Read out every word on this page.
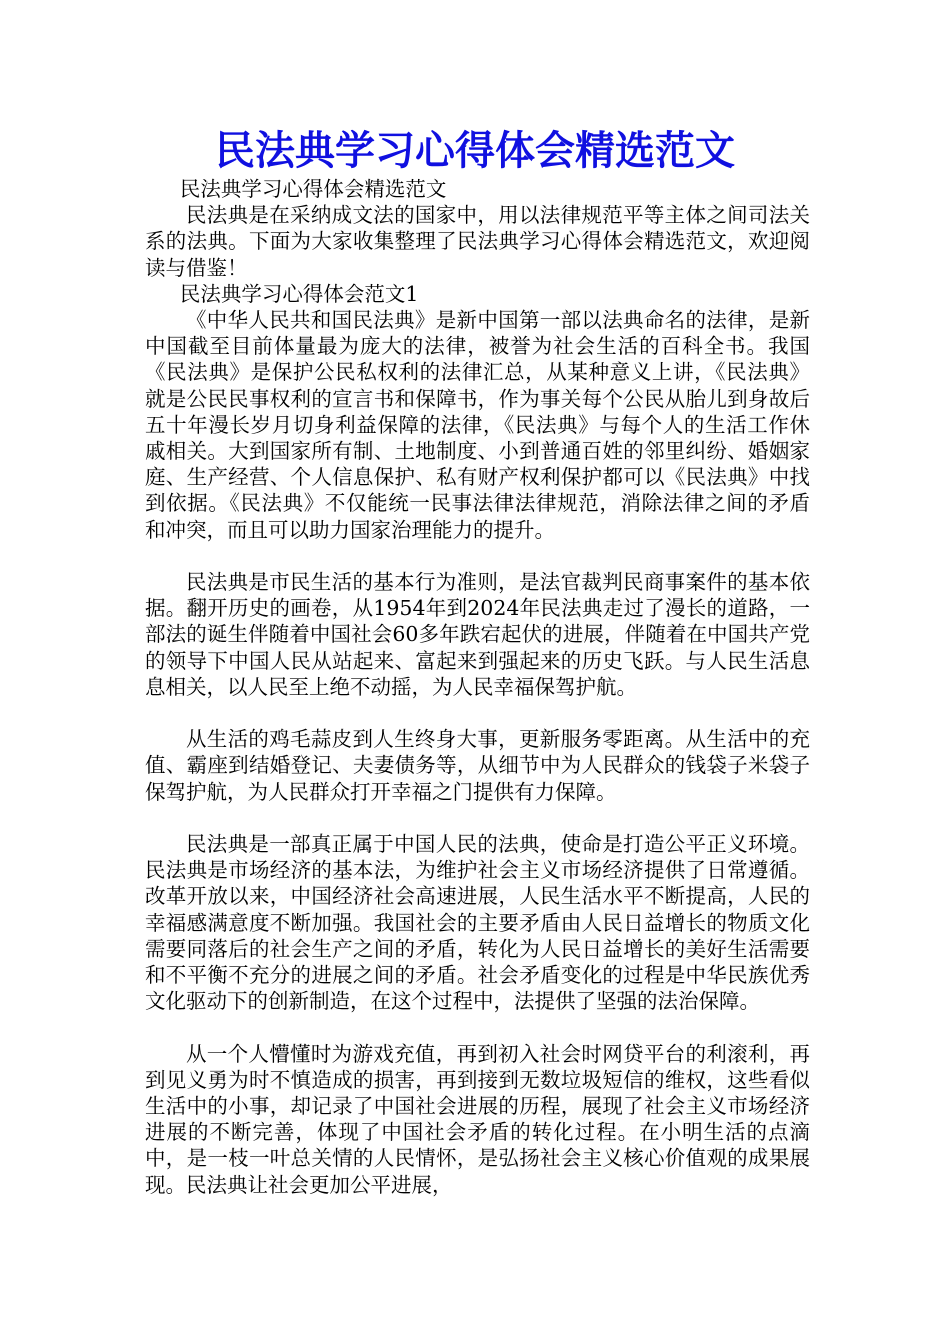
民法典学习心得体会精选范文

民法典学习心得体会精选范文

民法典是在采纳成文法的国家中，用以法律规范平等主体之间司法关系的法典。下面为大家收集整理了民法典学习心得体会精选范文，欢迎阅读与借鉴！

民法典学习心得体会范文1

《中华人民共和国民法典》是新中国第一部以法典命名的法律，是新中国截至目前体量最为庞大的法律，被誉为社会生活的百科全书。我国《民法典》是保护公民私权利的法律汇总，从某种意义上讲，《民法典》就是公民民事权利的宣言书和保障书，作为事关每个公民从胎儿到身故后五十年漫长岁月切身利益保障的法律，《民法典》与每个人的生活工作休戚相关。大到国家所有制、土地制度、小到普通百姓的邻里纠纷、婚姻家庭、生产经营、个人信息保护、私有财产权利保护都可以《民法典》中找到依据。《民法典》不仅能统一民事法律法律规范，消除法律之间的矛盾和冲突，而且可以助力国家治理能力的提升。

民法典是市民生活的基本行为准则，是法官裁判民商事案件的基本依据。翻开历史的画卷，从1954年到2024年民法典走过了漫长的道路，一部法的诞生伴随着中国社会60多年跌宕起伏的进展，伴随着在中国共产党的领导下中国人民从站起来、富起来到强起来的历史飞跃。与人民生活息息相关，以人民至上绝不动摇，为人民幸福保驾护航。

从生活的鸡毛蒜皮到人生终身大事，更新服务零距离。从生活中的充值、霸座到结婚登记、夫妻债务等，从细节中为人民群众的钱袋子米袋子保驾护航，为人民群众打开幸福之门提供有力保障。

民法典是一部真正属于中国人民的法典，使命是打造公平正义环境。民法典是市场经济的基本法，为维护社会主义市场经济提供了日常遵循。改革开放以来，中国经济社会高速进展，人民生活水平不断提高，人民的幸福感满意度不断加强。我国社会的主要矛盾由人民日益增长的物质文化需要同落后的社会生产之间的矛盾，转化为人民日益增长的美好生活需要和不平衡不充分的进展之间的矛盾。社会矛盾变化的过程是中华民族优秀文化驱动下的创新制造，在这个过程中，法提供了坚强的法治保障。

从一个人懵懂时为游戏充值，再到初入社会时网贷平台的利滚利，再到见义勇为时不慎造成的损害，再到接到无数垃圾短信的维权，这些看似生活中的小事，却记录了中国社会进展的历程，展现了社会主义市场经济进展的不断完善，体现了中国社会矛盾的转化过程。在小明生活的点滴中，是一枝一叶总关情的人民情怀，是弘扬社会主义核心价值观的成果展现。民法典让社会更加公平进展，
